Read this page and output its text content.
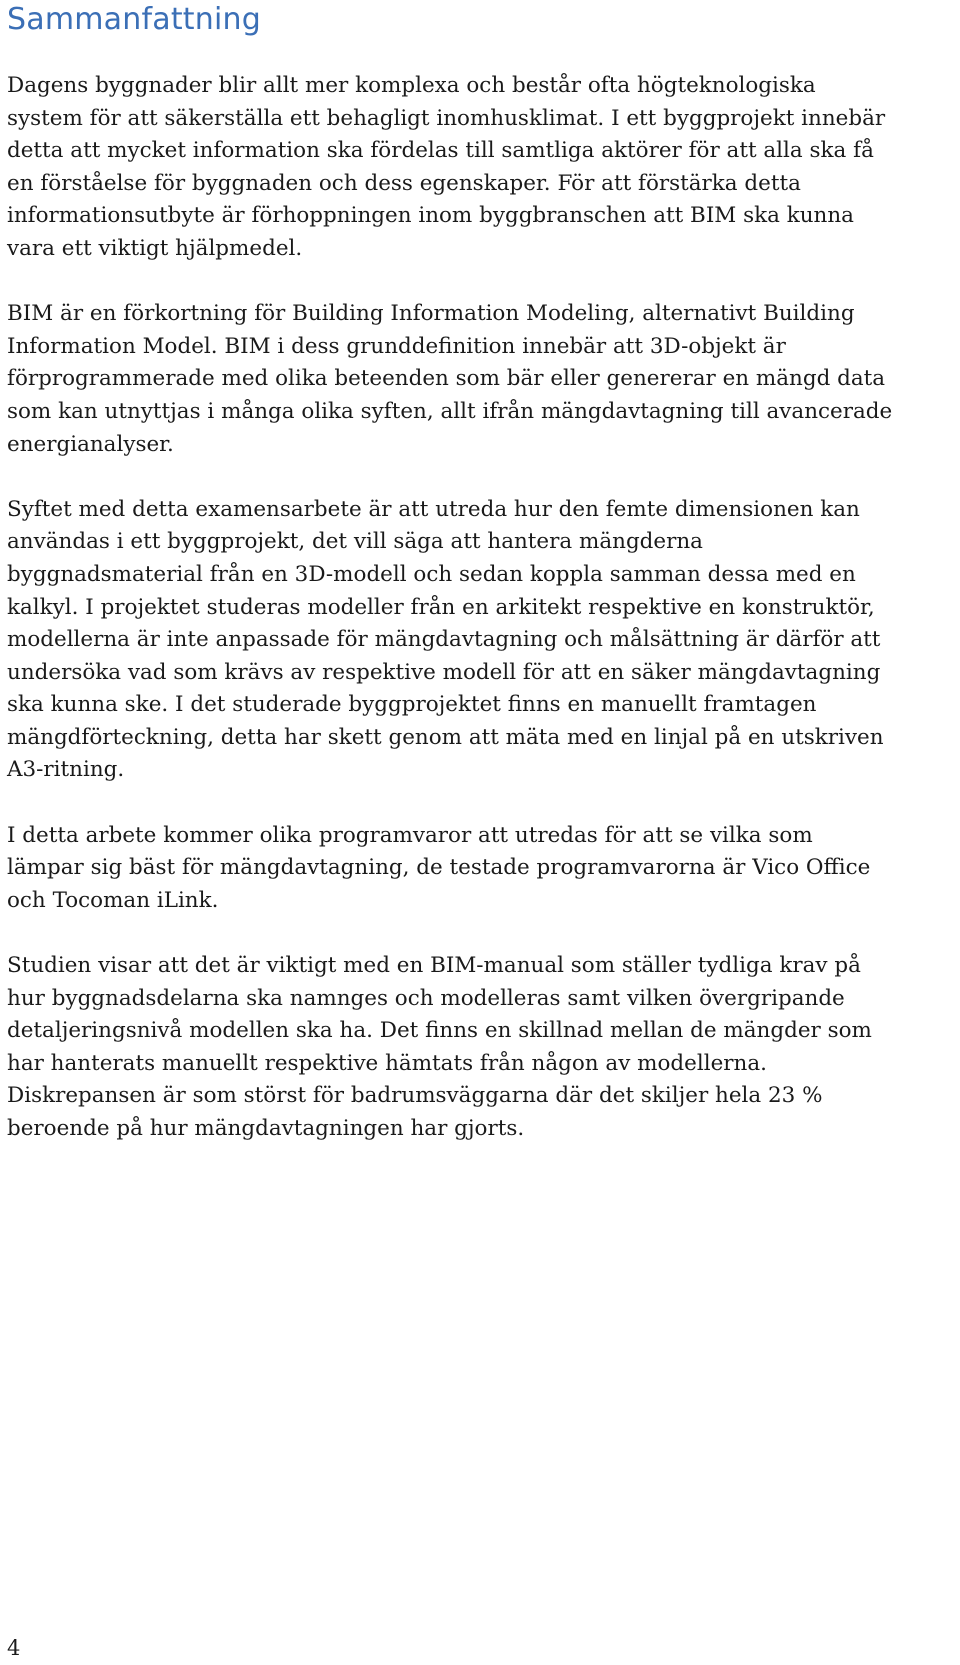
Sammanfattning

Dagens byggnader blir allt mer komplexa och består ofta högteknologiska
system för att säkerställa ett behagligt inomhusklimat. I ett byggprojekt innebär
detta att mycket information ska fördelas till samtliga aktörer för att alla ska få
en förståelse för byggnaden och dess egenskaper. För att förstärka detta
informationsutbyte är förhoppningen inom byggbranschen att BIM ska kunna
vara ett viktigt hjälpmedel.

BIM är en förkortning för Building Information Modeling, alternativt Building
Information Model. BIM i dess grunddefinition innebär att 3D-objekt är
förprogrammerade med olika beteenden som bär eller genererar en mängd data
som kan utnyttjas i många olika syften, allt ifrån mängdavtagning till avancerade
energianalyser.

Syftet med detta examensarbete är att utreda hur den femte dimensionen kan
användas i ett byggprojekt, det vill säga att hantera mängderna
byggnadsmaterial från en 3D-modell och sedan koppla samman dessa med en
kalkyl. I projektet studeras modeller från en arkitekt respektive en konstruktör,
modellerna är inte anpassade för mängdavtagning och målsättning är därför att
undersöka vad som krävs av respektive modell för att en säker mängdavtagning
ska kunna ske. I det studerade byggprojektet finns en manuellt framtagen
mängdförteckning, detta har skett genom att mäta med en linjal på en utskriven
A3-ritning.

I detta arbete kommer olika programvaror att utredas för att se vilka som
lämpar sig bäst för mängdavtagning, de testade programvarorna är Vico Office
och Tocoman iLink.

Studien visar att det är viktigt med en BIM-manual som ställer tydliga krav på
hur byggnadsdelarna ska namnges och modelleras samt vilken övergripande
detaljeringsnivå modellen ska ha. Det finns en skillnad mellan de mängder som
har hanterats manuellt respektive hämtats från någon av modellerna.
Diskrepansen är som störst för badrumsväggarna där det skiljer hela 23 %
beroende på hur mängdavtagningen har gjorts.

4
